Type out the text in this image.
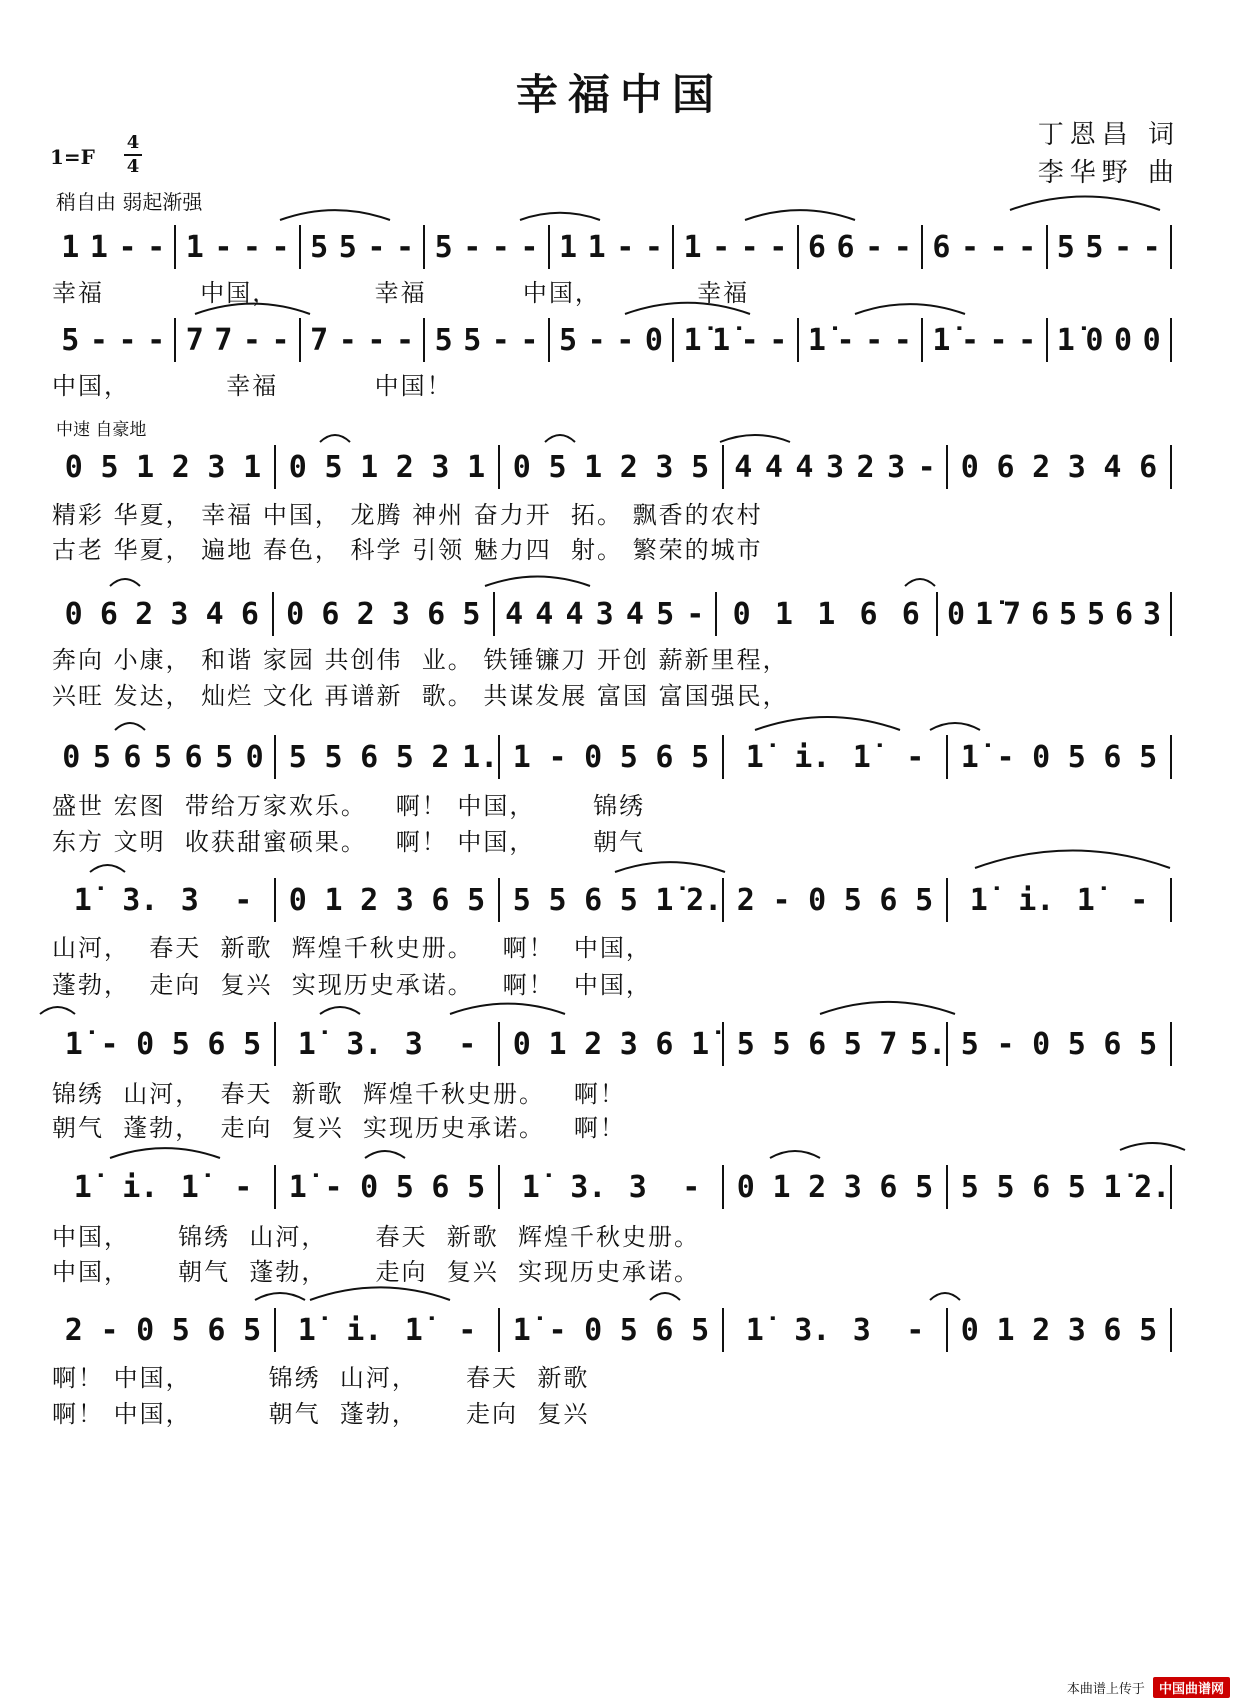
幸福中国
丁恩昌 词
李华野 曲
1=F
4
4
稍自由 弱起渐强
中速 自豪地
1 1 - - 1 - - - 5 5 - - 5 - - - 1 1 - - 1 - - - 6 6 - - 6 - - - 5 5 - -
幸福          中国，          幸福          中国，          幸福
5 - - - 7 7 - - 7 - - - 5 5 - - 5 - - 0 1̇ 1̇ - - 1̇ - - - 1̇ - - - 1̇ 0 0 0
中国，          幸福          中国！
0 5 1 2 3 1 0 5 1 2 3 1 0 5 1 2 3 5 4 4 4 3 2 3 - 0 6 2 3 4 6
精彩 华夏， 幸福 中国， 龙腾 神州 奋力开  拓。 飘香的农村
古老 华夏， 遍地 春色， 科学 引领 魅力四  射。 繁荣的城市
0 6 2 3 4 6 0 6 2 3 6 5 4 4 4 3 4 5 - 0 1 1 6 6 0 1̇ 7 6 5 5 6 3
奔向 小康， 和谐 家园 共创伟  业。 铁锤镰刀 开创 薪新里程，
兴旺 发达， 灿烂 文化 再谱新  歌。 共谋发展 富国 富国强民，
0 5 6 5 6 5 0 5 5 6 5 2 1. 1 - 0 5 6 5 1̇ i. 1̇ - 1̇ - 0 5 6 5
盛世 宏图  带给万家欢乐。   啊！ 中国，      锦绣
东方 文明  收获甜蜜硕果。   啊！ 中国，      朝气
1̇ 3. 3 - 0 1 2 3 6 5 5 5 6 5 1̇ 2. 2 - 0 5 6 5 1̇ i. 1̇ -
山河，  春天  新歌  辉煌千秋史册。   啊！  中国，
蓬勃，  走向  复兴  实现历史承诺。   啊！  中国，
1̇ - 0 5 6 5 1̇ 3. 3 - 0 1 2 3 6 1̇ 5 5 6 5 7 5. 5 - 0 5 6 5
锦绣  山河，  春天  新歌  辉煌千秋史册。   啊！
朝气  蓬勃，  走向  复兴  实现历史承诺。   啊！
1̇ i. 1̇ - 1̇ - 0 5 6 5 1̇ 3. 3 - 0 1 2 3 6 5 5 5 6 5 1̇ 2.
中国，     锦绣  山河，     春天  新歌  辉煌千秋史册。
中国，     朝气  蓬勃，     走向  复兴  实现历史承诺。
2 - 0 5 6 5 1̇ i. 1̇ - 1̇ - 0 5 6 5 1̇ 3. 3 - 0 1 2 3 6 5
啊！ 中国，        锦绣  山河，     春天  新歌
啊！ 中国，        朝气  蓬勃，     走向  复兴
本曲谱上传于 中国曲谱网
